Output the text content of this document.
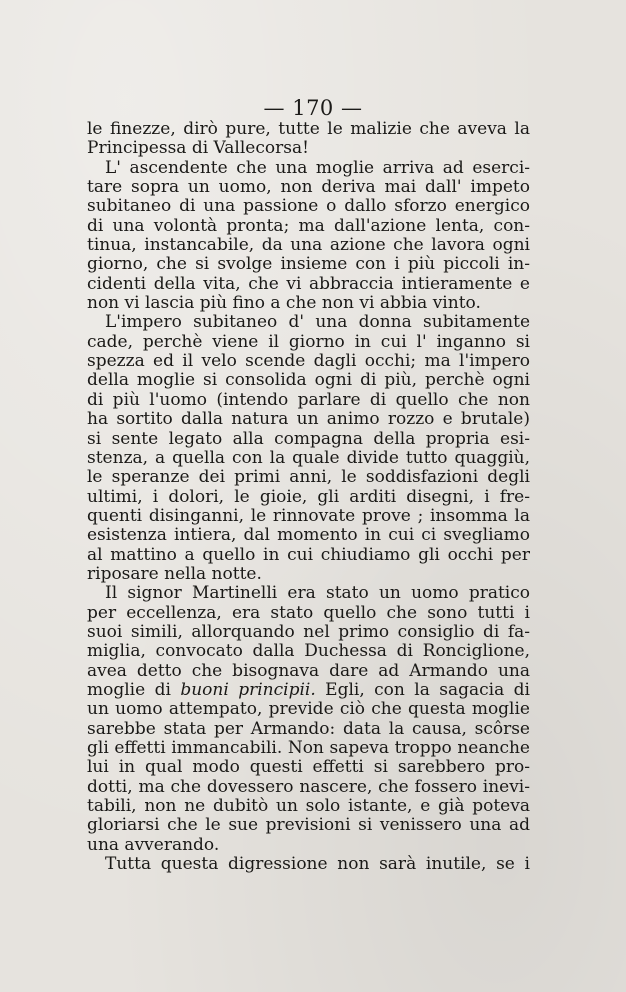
— 170 —
le finezze, dirò pure, tutte le malizie che aveva la
Principessa di Vallecorsa!
L' ascendente che una moglie arriva ad eserci-
tare sopra un uomo, non deriva mai dall' impeto
subitaneo di una passione o dallo sforzo energico
di una volontà pronta; ma dall'azione lenta, con-
tinua, instancabile, da una azione che lavora ogni
giorno, che si svolge insieme con i più piccoli in-
cidenti della vita, che vi abbraccia intieramente e
non vi lascia più fino a che non vi abbia vinto.
L'impero subitaneo d' una donna subitamente
cade, perchè viene il giorno in cui l' inganno si
spezza ed il velo scende dagli occhi; ma l'impero
della moglie si consolida ogni di più, perchè ogni
di più l'uomo (intendo parlare di quello che non
ha sortito dalla natura un animo rozzo e brutale)
si sente legato alla compagna della propria esi-
stenza, a quella con la quale divide tutto quaggiù,
le speranze dei primi anni, le soddisfazioni degli
ultimi, i dolori, le gioie, gli arditi disegni, i fre-
quenti disinganni, le rinnovate prove ; insomma la
esistenza intiera, dal momento in cui ci svegliamo
al mattino a quello in cui chiudiamo gli occhi per
riposare nella notte.
Il signor Martinelli era stato un uomo pratico
per eccellenza, era stato quello che sono tutti i
suoi simili, allorquando nel primo consiglio di fa-
miglia, convocato dalla Duchessa di Ronciglione,
avea detto che bisognava dare ad Armando una
moglie di buoni principii. Egli, con la sagacia di
un uomo attempato, previde ciò che questa moglie
sarebbe stata per Armando: data la causa, scôrse
gli effetti immancabili. Non sapeva troppo neanche
lui in qual modo questi effetti si sarebbero pro-
dotti, ma che dovessero nascere, che fossero inevi-
tabili, non ne dubitò un solo istante, e già poteva
gloriarsi che le sue previsioni si venissero una ad
una avverando.
Tutta questa digressione non sarà inutile, se i
